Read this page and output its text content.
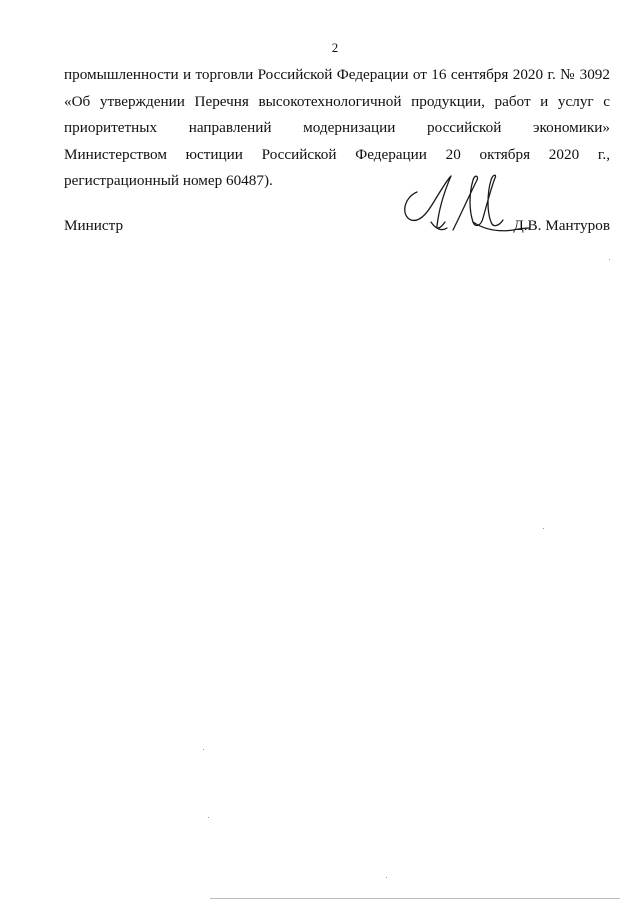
2
промышленности и торговли Российской Федерации от 16 сентября 2020 г. № 3092
«Об утверждении Перечня высокотехнологичной продукции, работ и услуг с
приоритетных направлений модернизации российской экономики»
Министерством юстиции Российской Федерации 20 октября 2020 г.,
регистрационный номер 60487).
Министр	Д.В. Мантуров
